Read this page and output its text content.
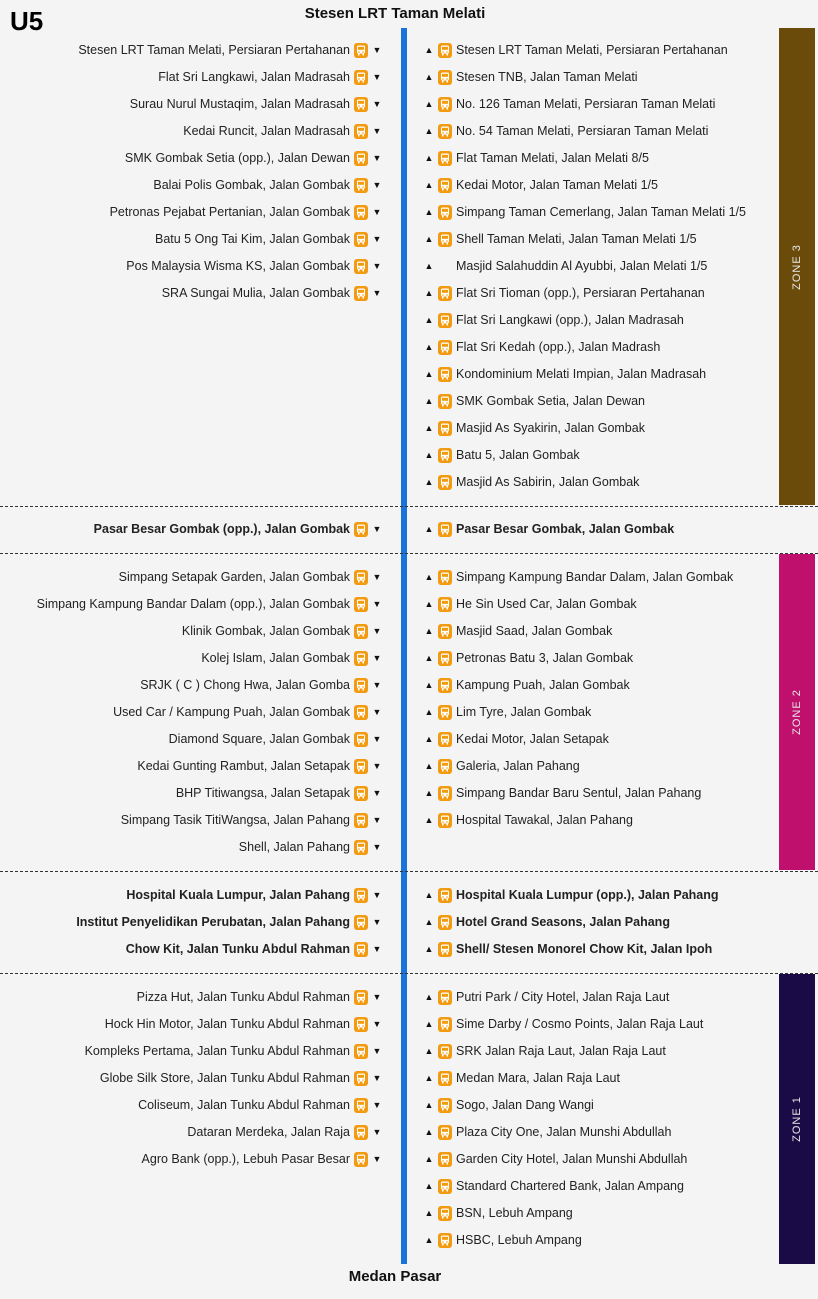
U5	Stesen LRT Taman Melati
Medan Pasar
ZONE 3
ZONE 2
ZONE 1
Stesen LRT Taman Melati, Persiaran Pertahanan	▼
Flat Sri Langkawi, Jalan Madrasah	▼
Surau Nurul Mustaqim, Jalan Madrasah	▼
Kedai Runcit, Jalan Madrasah	▼
SMK Gombak Setia (opp.), Jalan Dewan	▼
Balai Polis Gombak, Jalan Gombak	▼
Petronas Pejabat Pertanian, Jalan Gombak	▼
Batu 5 Ong Tai Kim, Jalan Gombak	▼
Pos Malaysia Wisma KS, Jalan Gombak	▼
SRA Sungai Mulia, Jalan Gombak	▼
▲ Stesen LRT Taman Melati, Persiaran Pertahanan
▲ Stesen TNB, Jalan Taman Melati
▲ No. 126 Taman Melati, Persiaran Taman Melati
▲ No. 54 Taman Melati, Persiaran Taman Melati
▲ Flat Taman Melati, Jalan Melati 8/5
▲ Kedai Motor, Jalan Taman Melati 1/5
▲ Simpang Taman Cemerlang, Jalan Taman Melati 1/5
▲ Shell Taman Melati, Jalan Taman Melati 1/5
▲ Masjid Salahuddin Al Ayubbi, Jalan Melati 1/5
▲ Flat Sri Tioman (opp.), Persiaran Pertahanan
▲ Flat Sri Langkawi (opp.), Jalan Madrasah
▲ Flat Sri Kedah (opp.), Jalan Madrash
▲ Kondominium Melati Impian, Jalan Madrasah
▲ SMK Gombak Setia, Jalan Dewan
▲ Masjid As Syakirin, Jalan Gombak
▲ Batu 5, Jalan Gombak
▲ Masjid As Sabirin, Jalan Gombak
Pasar Besar Gombak (opp.), Jalan Gombak	▼	▲ Pasar Besar Gombak, Jalan Gombak
Simpang Setapak Garden, Jalan Gombak	▼
Simpang Kampung Bandar Dalam (opp.), Jalan Gombak	▼
Klinik Gombak, Jalan Gombak	▼
Kolej Islam, Jalan Gombak	▼
SRJK ( C ) Chong Hwa, Jalan Gomba	▼
Used Car / Kampung Puah, Jalan Gombak	▼
Diamond Square, Jalan Gombak	▼
Kedai Gunting Rambut, Jalan Setapak	▼
BHP Titiwangsa, Jalan Setapak	▼
Simpang Tasik TitiWangsa, Jalan Pahang	▼
Shell, Jalan Pahang	▼
▲ Simpang Kampung Bandar Dalam, Jalan Gombak
▲ He Sin Used Car, Jalan Gombak
▲ Masjid Saad, Jalan Gombak
▲ Petronas Batu 3, Jalan Gombak
▲ Kampung Puah, Jalan Gombak
▲ Lim Tyre, Jalan Gombak
▲ Kedai Motor, Jalan Setapak
▲ Galeria, Jalan Pahang
▲ Simpang Bandar Baru Sentul, Jalan Pahang
▲ Hospital Tawakal, Jalan Pahang
Hospital Kuala Lumpur, Jalan Pahang	▼
Institut Penyelidikan Perubatan, Jalan Pahang	▼
Chow Kit, Jalan Tunku Abdul Rahman	▼
▲ Hospital Kuala Lumpur (opp.), Jalan Pahang
▲ Hotel Grand Seasons, Jalan Pahang
▲ Shell/ Stesen Monorel Chow Kit, Jalan Ipoh
Pizza Hut, Jalan Tunku Abdul Rahman	▼
Hock Hin Motor, Jalan Tunku Abdul Rahman	▼
Kompleks Pertama, Jalan Tunku Abdul Rahman	▼
Globe Silk Store, Jalan Tunku Abdul Rahman	▼
Coliseum, Jalan Tunku Abdul Rahman	▼
Dataran Merdeka, Jalan Raja	▼
Agro Bank (opp.), Lebuh Pasar Besar	▼
▲ Putri Park / City Hotel, Jalan Raja Laut
▲ Sime Darby / Cosmo Points, Jalan Raja Laut
▲ SRK Jalan Raja Laut, Jalan Raja Laut
▲ Medan Mara, Jalan Raja Laut
▲ Sogo, Jalan Dang Wangi
▲ Plaza City One, Jalan Munshi Abdullah
▲ Garden City Hotel, Jalan Munshi Abdullah
▲ Standard Chartered Bank, Jalan Ampang
▲ BSN, Lebuh Ampang
▲ HSBC, Lebuh Ampang
